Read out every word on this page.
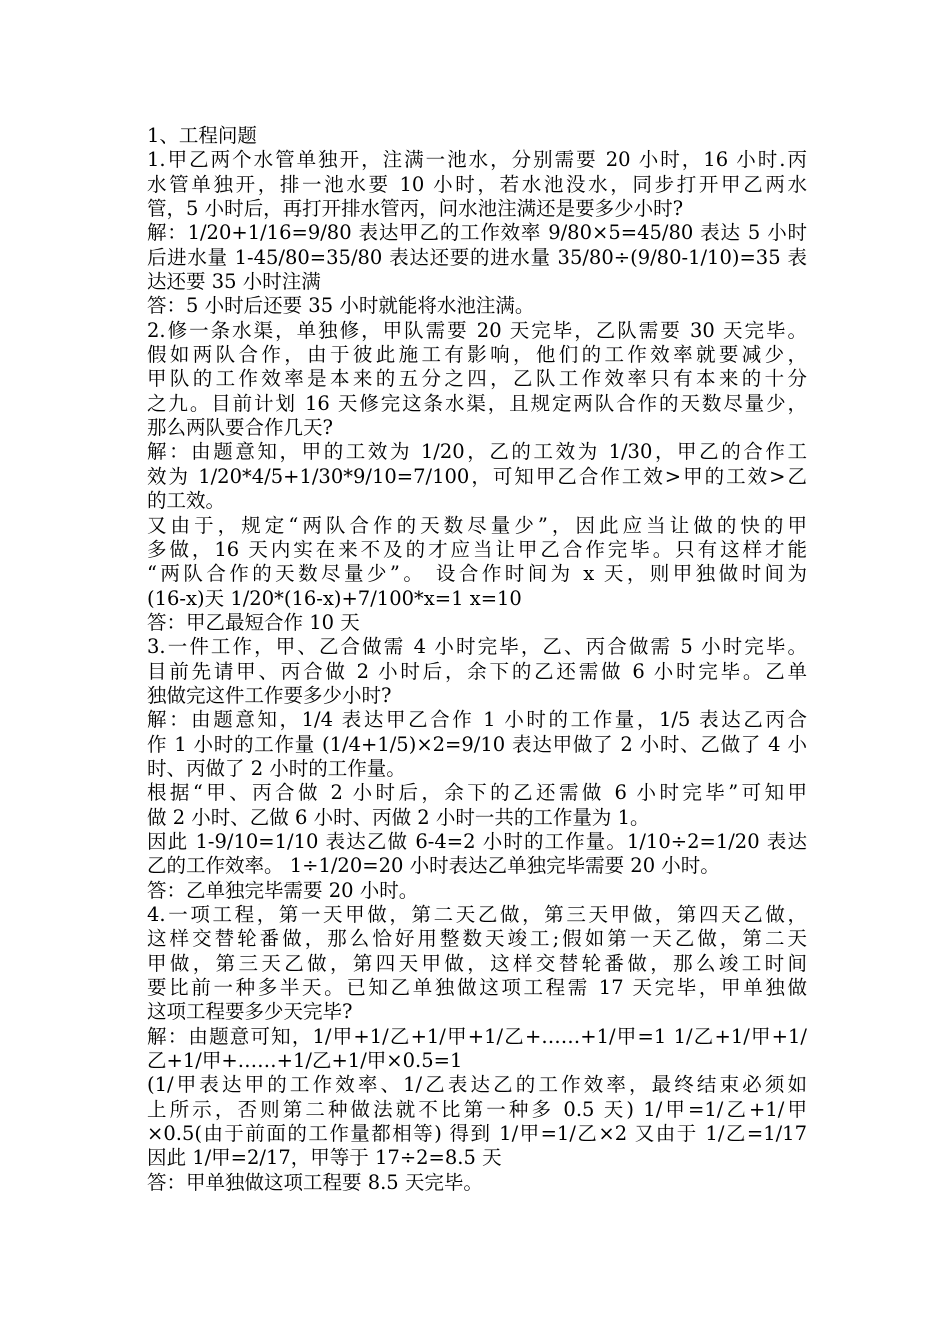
1、工程问题
1.甲乙两个水管单独开，注满一池水，分别需要 20 小时，16 小时.丙
水管单独开，排一池水要 10 小时，若水池没水，同步打开甲乙两水
管，5 小时后，再打开排水管丙，问水池注满还是要多少小时?
解：1/20+1/16=9/80 表达甲乙的工作效率 9/80×5=45/80 表达 5 小时
后进水量 1-45/80=35/80 表达还要的进水量 35/80÷(9/80-1/10)=35 表
达还要 35 小时注满
答：5 小时后还要 35 小时就能将水池注满。
2.修一条水渠，单独修，甲队需要 20 天完毕，乙队需要 30 天完毕。
假如两队合作，由于彼此施工有影响，他们的工作效率就要减少，
甲队的工作效率是本来的五分之四，乙队工作效率只有本来的十分
之九。目前计划 16 天修完这条水渠，且规定两队合作的天数尽量少，
那么两队要合作几天?
解：由题意知，甲的工效为 1/20，乙的工效为 1/30，甲乙的合作工
效为 1/20*4/5+1/30*9/10=7/100，可知甲乙合作工效>甲的工效>乙
的工效。
又由于，规定“两队合作的天数尽量少”，因此应当让做的快的甲
多做，16 天内实在来不及的才应当让甲乙合作完毕。只有这样才能
“两队合作的天数尽量少”。 设合作时间为 x 天，则甲独做时间为
(16-x)天 1/20*(16-x)+7/100*x=1 x=10
答：甲乙最短合作 10 天
3.一件工作，甲、乙合做需 4 小时完毕，乙、丙合做需 5 小时完毕。
目前先请甲、丙合做 2 小时后，余下的乙还需做 6 小时完毕。乙单
独做完这件工作要多少小时?
解：由题意知，1/4 表达甲乙合作 1 小时的工作量，1/5 表达乙丙合
作 1 小时的工作量 (1/4+1/5)×2=9/10 表达甲做了 2 小时、乙做了 4 小
时、丙做了 2 小时的工作量。
根据“甲、丙合做 2 小时后，余下的乙还需做 6 小时完毕”可知甲
做 2 小时、乙做 6 小时、丙做 2 小时一共的工作量为 1。
因此 1-9/10=1/10 表达乙做 6-4=2 小时的工作量。1/10÷2=1/20 表达
乙的工作效率。 1÷1/20=20 小时表达乙单独完毕需要 20 小时。
答：乙单独完毕需要 20 小时。
4.一项工程，第一天甲做，第二天乙做，第三天甲做，第四天乙做，
这样交替轮番做，那么恰好用整数天竣工;假如第一天乙做，第二天
甲做，第三天乙做，第四天甲做，这样交替轮番做，那么竣工时间
要比前一种多半天。已知乙单独做这项工程需 17 天完毕，甲单独做
这项工程要多少天完毕?
解：由题意可知，1/甲+1/乙+1/甲+1/乙+……+1/甲=1 1/乙+1/甲+1/
乙+1/甲+……+1/乙+1/甲×0.5=1
(1/甲表达甲的工作效率、1/乙表达乙的工作效率，最终结束必须如
上所示，否则第二种做法就不比第一种多 0.5 天) 1/甲=1/乙+1/甲
×0.5(由于前面的工作量都相等) 得到 1/甲=1/乙×2 又由于 1/乙=1/17
因此 1/甲=2/17，甲等于 17÷2=8.5 天
答：甲单独做这项工程要 8.5 天完毕。
